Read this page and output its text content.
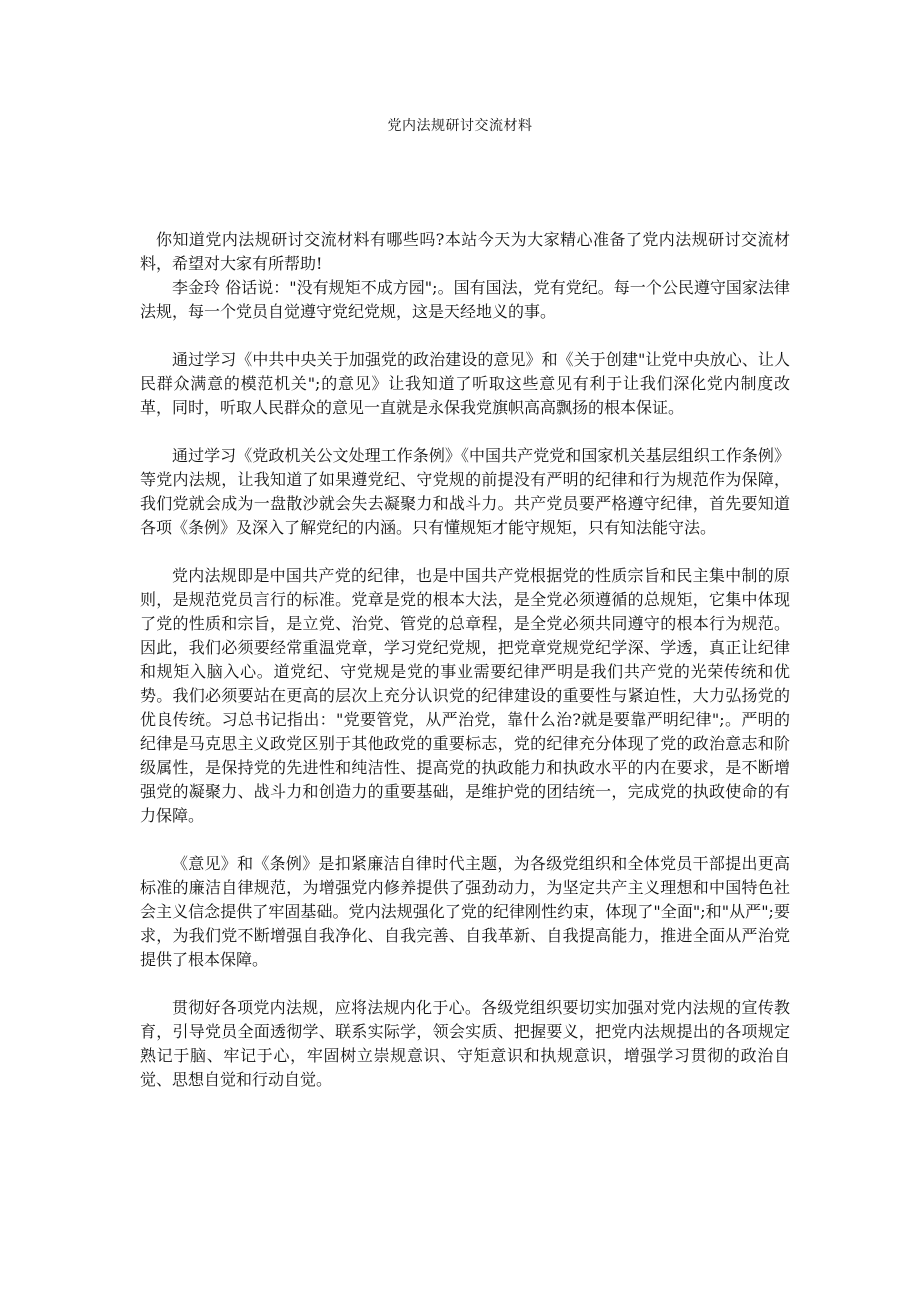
党内法规研讨交流材料

你知道党内法规研讨交流材料有哪些吗?本站今天为大家精心准备了党内法规研讨交流材料，希望对大家有所帮助!

李金玲 俗话说："没有规矩不成方园";。国有国法，党有党纪。每一个公民遵守国家法律法规，每一个党员自觉遵守党纪党规，这是天经地义的事。

通过学习《中共中央关于加强党的政治建设的意见》和《关于创建"让党中央放心、让人民群众满意的模范机关";的意见》让我知道了听取这些意见有利于让我们深化党内制度改革，同时，听取人民群众的意见一直就是永保我党旗帜高高飘扬的根本保证。

通过学习《党政机关公文处理工作条例》《中国共产党党和国家机关基层组织工作条例》等党内法规，让我知道了如果遵党纪、守党规的前提没有严明的纪律和行为规范作为保障，我们党就会成为一盘散沙就会失去凝聚力和战斗力。共产党员要严格遵守纪律，首先要知道各项《条例》及深入了解党纪的内涵。只有懂规矩才能守规矩，只有知法能守法。

党内法规即是中国共产党的纪律，也是中国共产党根据党的性质宗旨和民主集中制的原则，是规范党员言行的标准。党章是党的根本大法，是全党必须遵循的总规矩，它集中体现了党的性质和宗旨，是立党、治党、管党的总章程，是全党必须共同遵守的根本行为规范。因此，我们必须要经常重温党章，学习党纪党规，把党章党规党纪学深、学透，真正让纪律和规矩入脑入心。道党纪、守党规是党的事业需要纪律严明是我们共产党的光荣传统和优势。我们必须要站在更高的层次上充分认识党的纪律建设的重要性与紧迫性，大力弘扬党的优良传统。习总书记指出："党要管党，从严治党，靠什么治?就是要靠严明纪律";。严明的纪律是马克思主义政党区别于其他政党的重要标志，党的纪律充分体现了党的政治意志和阶级属性，是保持党的先进性和纯洁性、提高党的执政能力和执政水平的内在要求，是不断增强党的凝聚力、战斗力和创造力的重要基础，是维护党的团结统一，完成党的执政使命的有力保障。

《意见》和《条例》是扣紧廉洁自律时代主题，为各级党组织和全体党员干部提出更高标准的廉洁自律规范，为增强党内修养提供了强劲动力，为坚定共产主义理想和中国特色社会主义信念提供了牢固基础。党内法规强化了党的纪律刚性约束，体现了"全面";和"从严";要求，为我们党不断增强自我净化、自我完善、自我革新、自我提高能力，推进全面从严治党提供了根本保障。

贯彻好各项党内法规，应将法规内化于心。各级党组织要切实加强对党内法规的宣传教育，引导党员全面透彻学、联系实际学，领会实质、把握要义，把党内法规提出的各项规定熟记于脑、牢记于心，牢固树立崇规意识、守矩意识和执规意识，增强学习贯彻的政治自觉、思想自觉和行动自觉。
